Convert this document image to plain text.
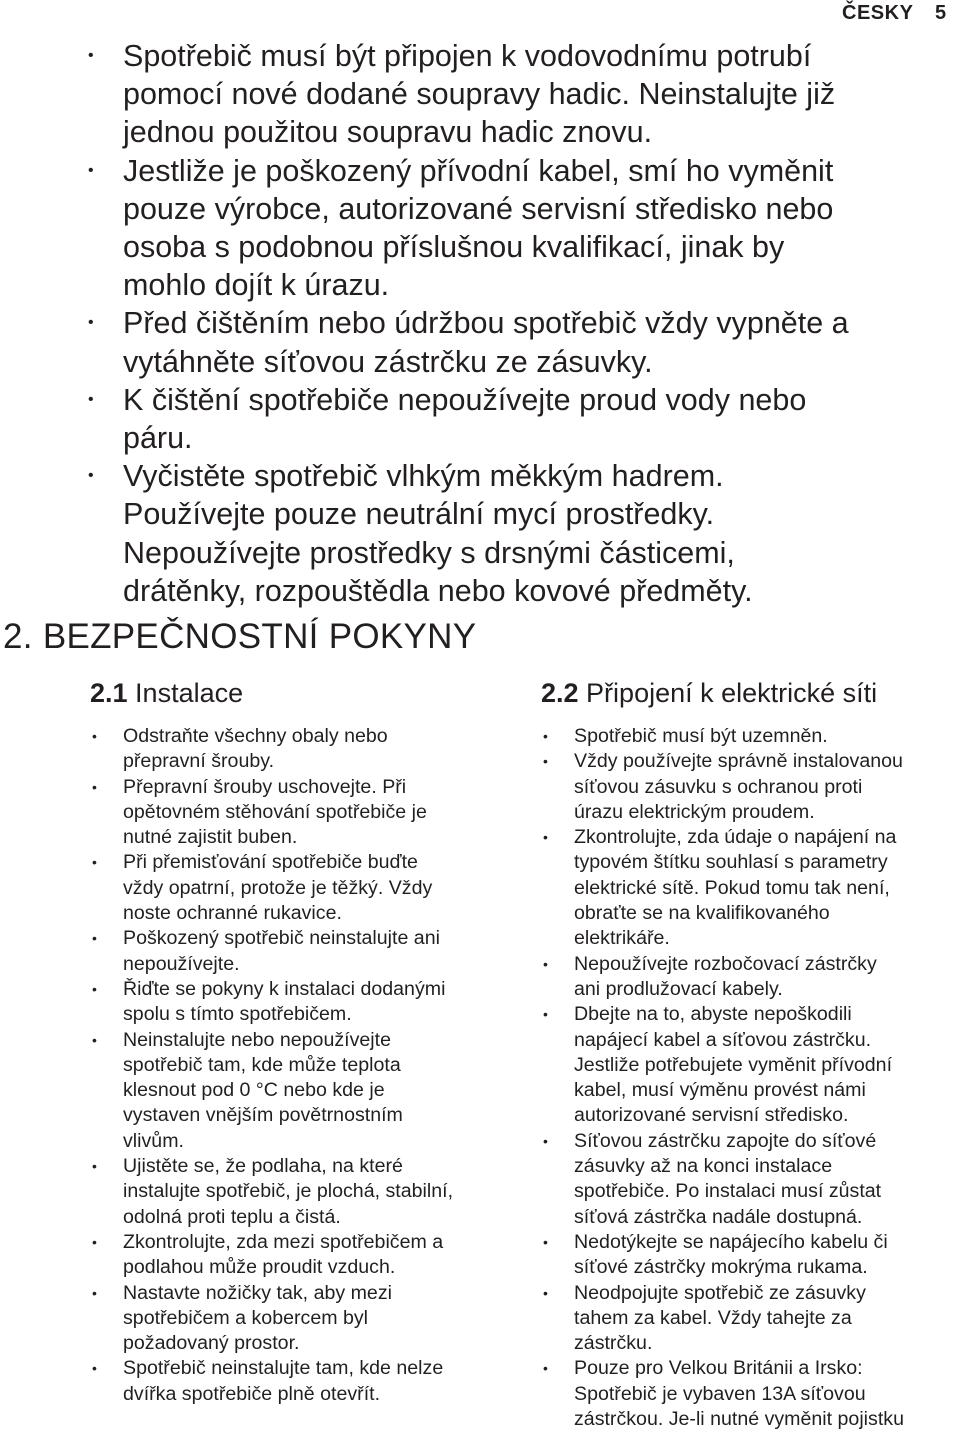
ČESKY 5
• Spotřebič musí být připojen k vodovodnímu potrubí
pomocí nové dodané soupravy hadic. Neinstalujte již
jednou použitou soupravu hadic znovu.
• Jestliže je poškozený přívodní kabel, smí ho vyměnit
pouze výrobce, autorizované servisní středisko nebo
osoba s podobnou příslušnou kvalifikací, jinak by
mohlo dojít k úrazu.
• Před čištěním nebo údržbou spotřebič vždy vypněte a
vytáhněte síťovou zástrčku ze zásuvky.
• K čištění spotřebiče nepoužívejte proud vody nebo
páru.
• Vyčistěte spotřebič vlhkým měkkým hadrem.
Používejte pouze neutrální mycí prostředky.
Nepoužívejte prostředky s drsnými částicemi,
drátěnky, rozpouštědla nebo kovové předměty.
2. BEZPEČNOSTNÍ POKYNY
2.1 Instalace
• Odstraňte všechny obaly nebo
přepravní šrouby.
• Přepravní šrouby uschovejte. Při
opětovném stěhování spotřebiče je
nutné zajistit buben.
• Při přemisťování spotřebiče buďte
vždy opatrní, protože je těžký. Vždy
noste ochranné rukavice.
• Poškozený spotřebič neinstalujte ani
nepoužívejte.
• Řiďte se pokyny k instalaci dodanými
spolu s tímto spotřebičem.
• Neinstalujte nebo nepoužívejte
spotřebič tam, kde může teplota
klesnout pod 0 °C nebo kde je
vystaven vnějším povětrnostním
vlivům.
• Ujistěte se, že podlaha, na které
instalujte spotřebič, je plochá, stabilní,
odolná proti teplu a čistá.
• Zkontrolujte, zda mezi spotřebičem a
podlahou může proudit vzduch.
• Nastavte nožičky tak, aby mezi
spotřebičem a kobercem byl
požadovaný prostor.
• Spotřebič neinstalujte tam, kde nelze
dvířka spotřebiče plně otevřít.
2.2 Připojení k elektrické síti
• Spotřebič musí být uzemněn.
• Vždy používejte správně instalovanou
síťovou zásuvku s ochranou proti
úrazu elektrickým proudem.
• Zkontrolujte, zda údaje o napájení na
typovém štítku souhlasí s parametry
elektrické sítě. Pokud tomu tak není,
obraťte se na kvalifikovaného
elektrikáře.
• Nepoužívejte rozbočovací zástrčky
ani prodlužovací kabely.
• Dbejte na to, abyste nepoškodili
napájecí kabel a síťovou zástrčku.
Jestliže potřebujete vyměnit přívodní
kabel, musí výměnu provést námi
autorizované servisní středisko.
• Síťovou zástrčku zapojte do síťové
zásuvky až na konci instalace
spotřebiče. Po instalaci musí zůstat
síťová zástrčka nadále dostupná.
• Nedotýkejte se napájecího kabelu či
síťové zástrčky mokrýma rukama.
• Neodpojujte spotřebič ze zásuvky
tahem za kabel. Vždy tahejte za
zástrčku.
• Pouze pro Velkou Británii a Irsko:
Spotřebič je vybaven 13A síťovou
zástrčkou. Je-li nutné vyměnit pojistku
